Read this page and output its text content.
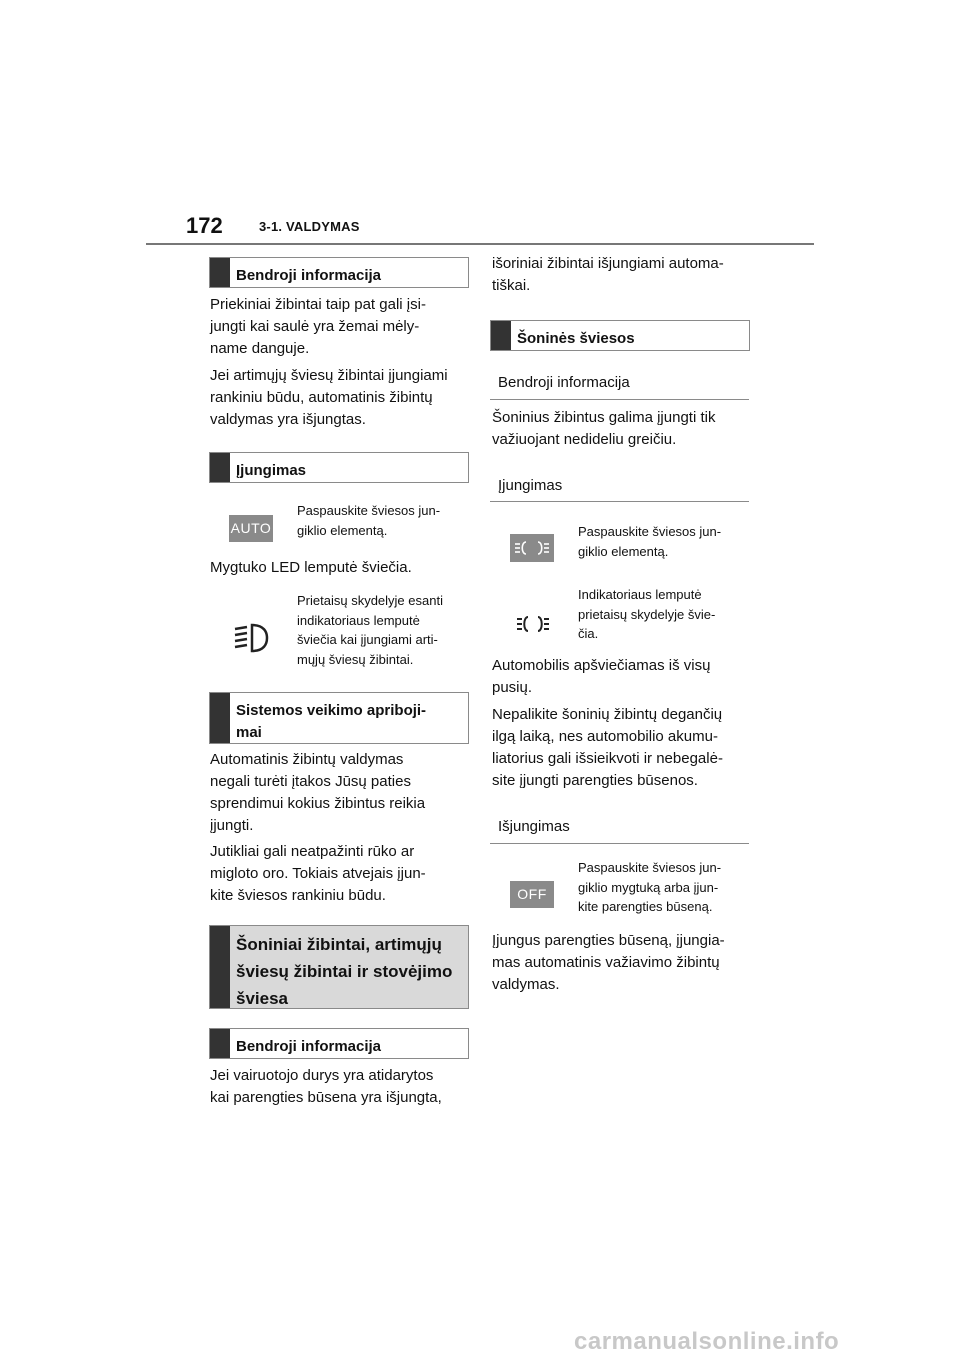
172	3-1. VALDYMAS
Bendroji informacija
Priekiniai žibintai taip pat gali įsi-
jungti kai saulė yra žemai mėly-
name danguje.
Jei artimųjų šviesų žibintai įjungiami
rankiniu būdu, automatinis žibintų
valdymas yra išjungtas.
Įjungimas
AUTO
Paspauskite šviesos jun-
giklio elementą.
Mygtuko LED lemputė šviečia.
Prietaisų skydelyje esanti
indikatoriaus lemputė
šviečia kai įjungiami arti-
mųjų šviesų žibintai.
Sistemos veikimo apriboji-
mai
Automatinis žibintų valdymas
negali turėti įtakos Jūsų paties
sprendimui kokius žibintus reikia
įjungti.
Jutikliai gali neatpažinti rūko ar
migloto oro. Tokiais atvejais įjun-
kite šviesos rankiniu būdu.
Šoniniai žibintai, artimųjų
šviesų žibintai ir stovėjimo
šviesa
Bendroji informacija
Jei vairuotojo durys yra atidarytos
kai parengties būsena yra išjungta,
išoriniai žibintai išjungiami automa-
tiškai.
Šoninės šviesos
Bendroji informacija
Šoninius žibintus galima įjungti tik
važiuojant nedideliu greičiu.
Įjungimas
Paspauskite šviesos jun-
giklio elementą.
Indikatoriaus lemputė
prietaisų skydelyje švie-
čia.
Automobilis apšviečiamas iš visų
pusių.
Nepalikite šoninių žibintų degančių
ilgą laiką, nes automobilio akumu-
liatorius gali išsieikvoti ir nebegalė-
site įjungti parengties būsenos.
Išjungimas
OFF
Paspauskite šviesos jun-
giklio mygtuką arba įjun-
kite parengties būseną.
Įjungus parengties būseną, įjungia-
mas automatinis važiavimo žibintų
valdymas.
carmanualsonline.info
